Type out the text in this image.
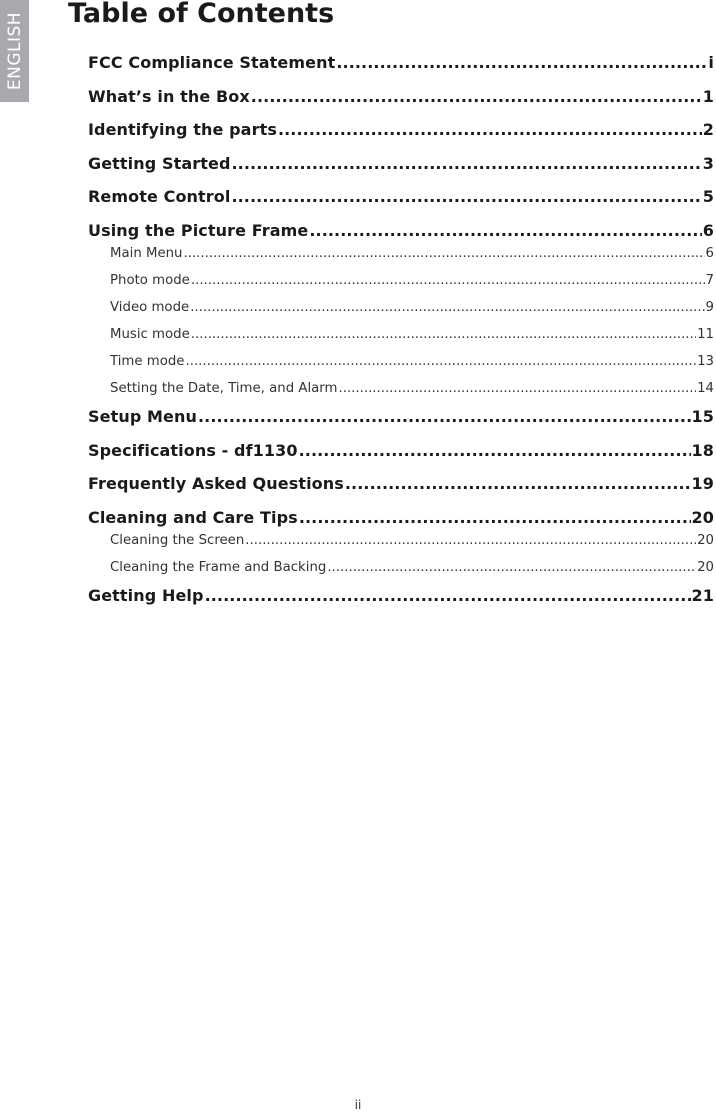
ENGLISH Table of Contents
FCC Compliance Statement .....	i
What’s in the Box .....	1
Identifying the parts .....	2
Getting Started .....	3
Remote Control .....	5
Using the Picture Frame .....	6
Main Menu .....	6
Photo mode .....	7
Video mode .....	9
Music mode .....	11
Time mode .....	13
Setting the Date, Time, and Alarm .....	14
Setup Menu .....	15
Specifications - df1130 .....	18
Frequently Asked Questions .....	19
Cleaning and Care Tips .....	20
Cleaning the Screen .....	20
Cleaning the Frame and Backing .....	20
Getting Help .....	21
ii
